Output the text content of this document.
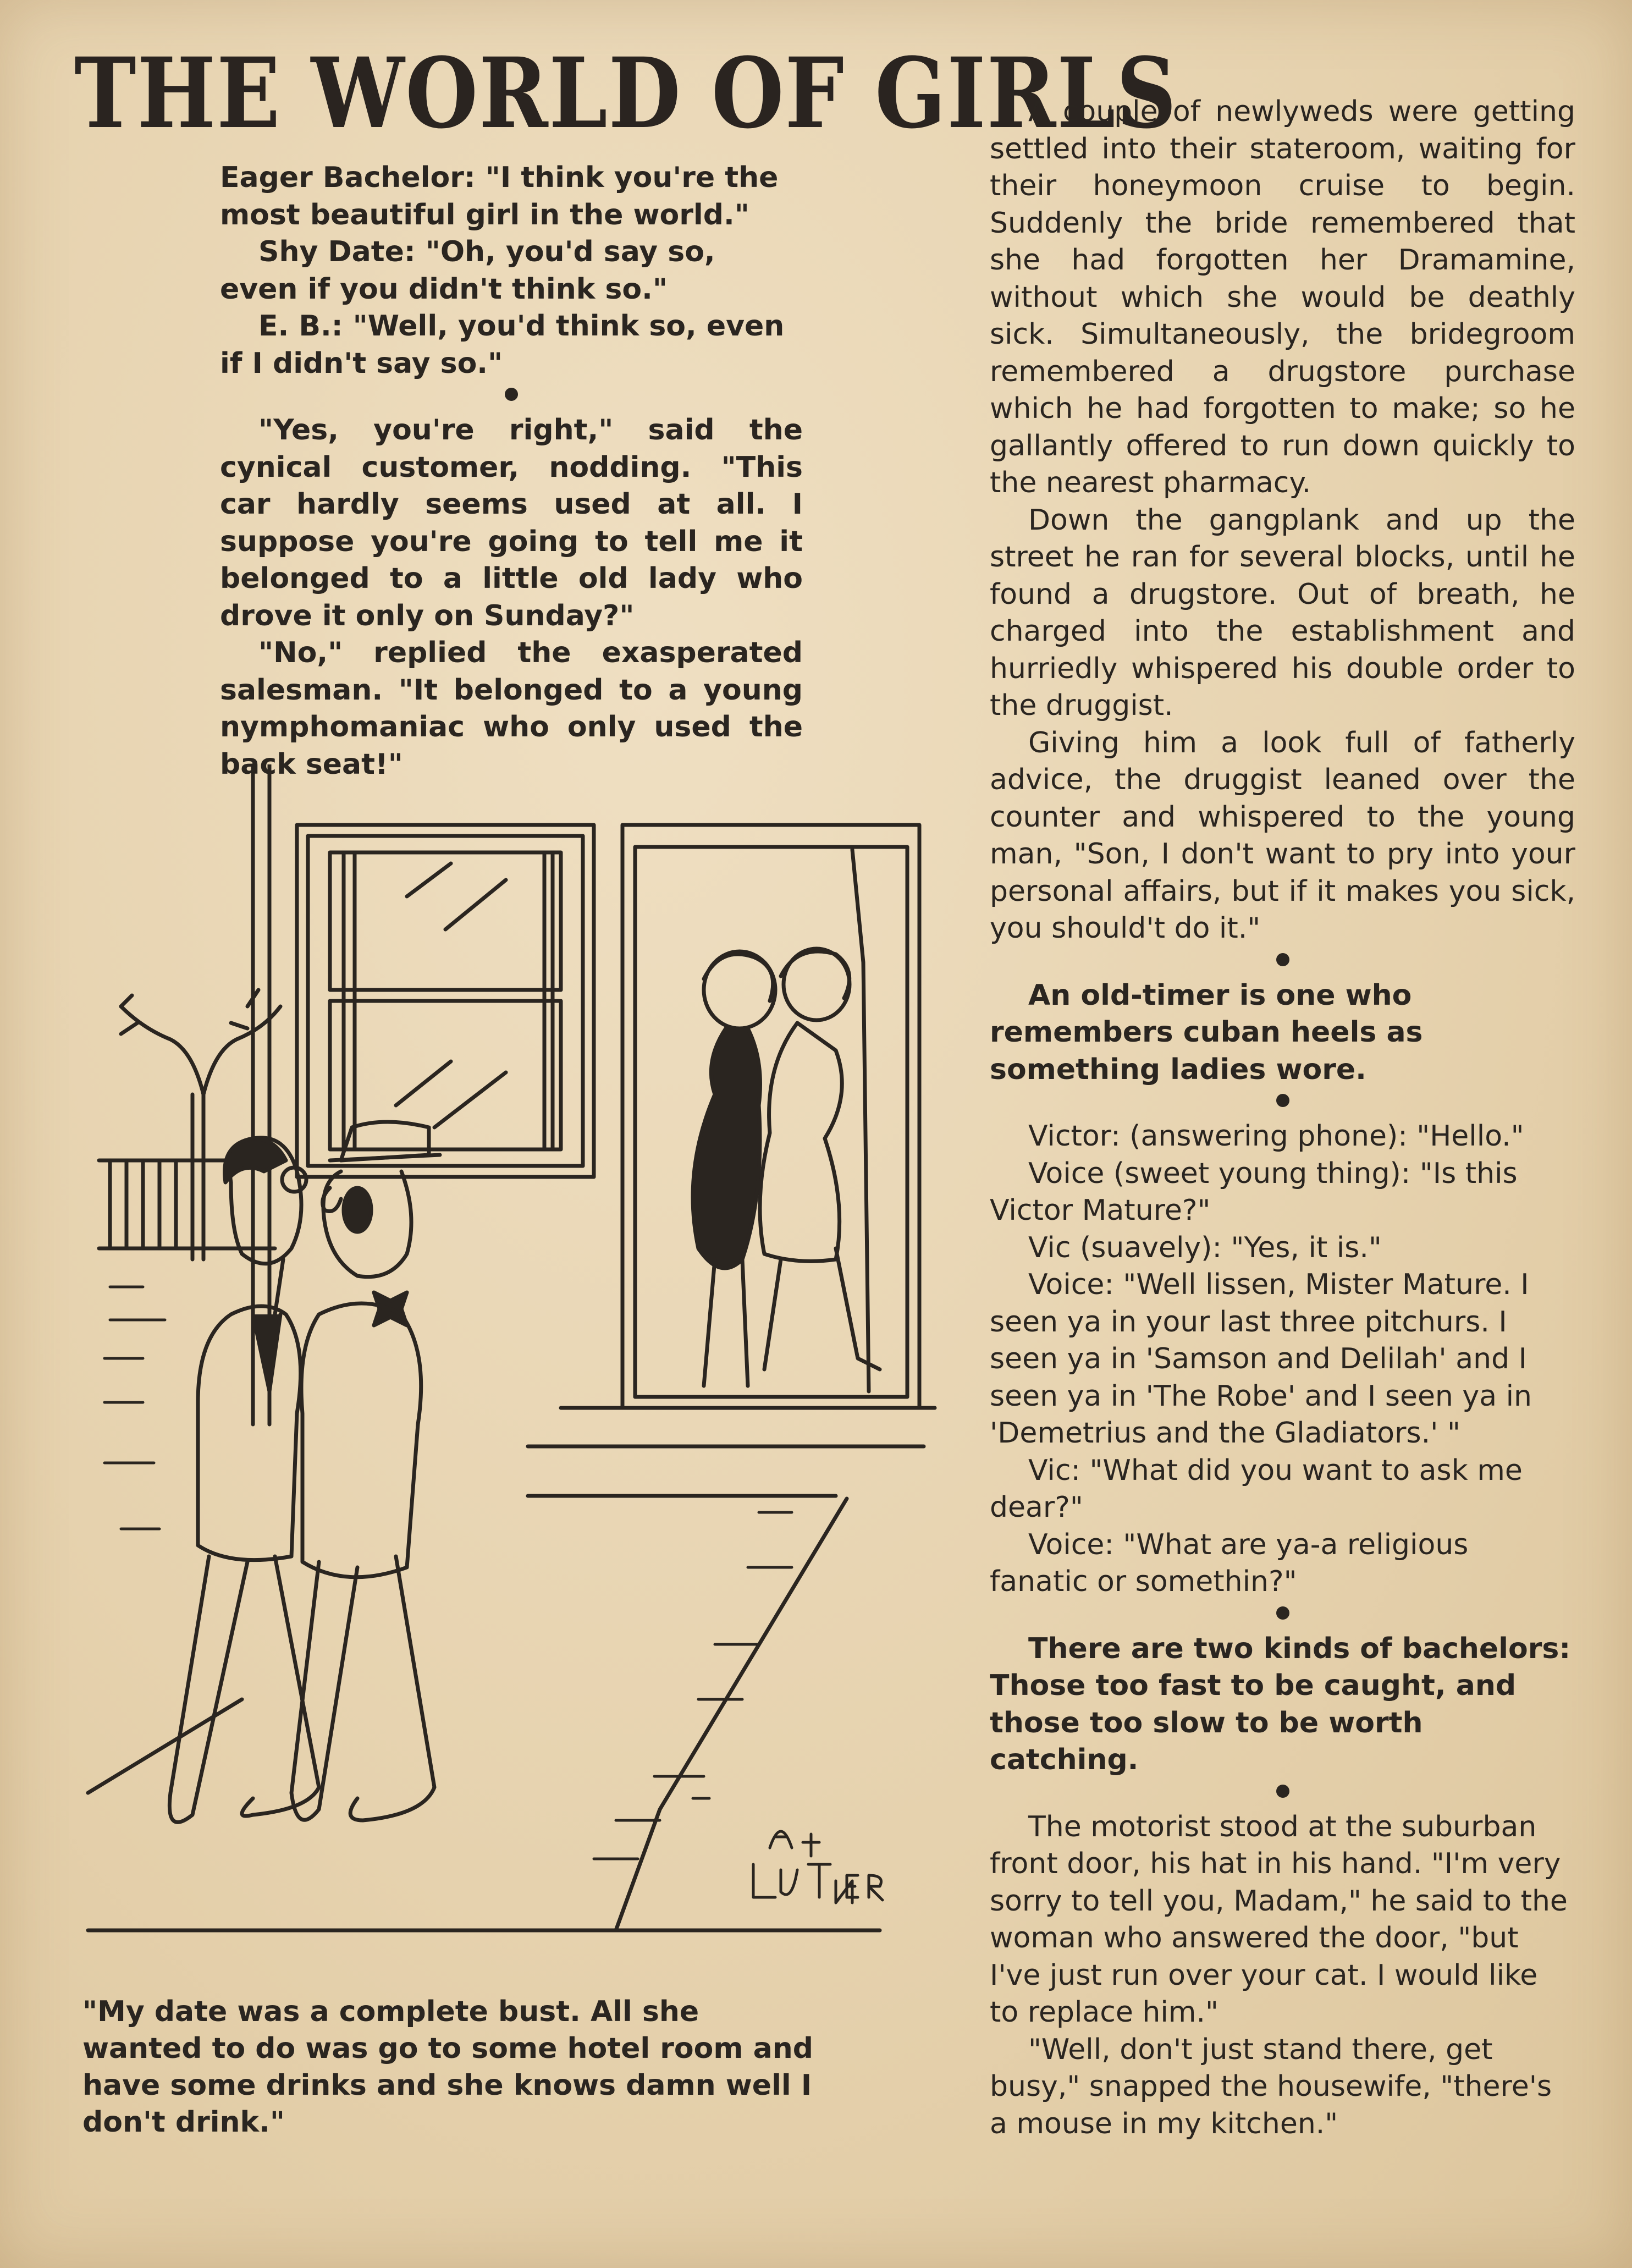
THE WORLD OF GIRLS

Eager Bachelor: "I think you're the most beautiful girl in the world."

Shy Date: "Oh, you'd say so, even if you didn't think so."

E. B.: "Well, you'd think so, even if I didn't say so."

"Yes, you're right," said the cynical customer, nodding. "This car hardly seems used at all. I suppose you're going to tell me it belonged to a little old lady who drove it only on Sunday?"

"No," replied the exasperated salesman. "It belonged to a young nymphomaniac who only used the back seat!"

"My date was a complete bust. All she wanted to do was go to some hotel room and have some drinks and she knows damn well I don't drink."

A couple of newlyweds were getting settled into their stateroom, waiting for their honeymoon cruise to begin. Suddenly the bride remembered that she had forgotten her Dramamine, without which she would be deathly sick. Simultaneously, the bridegroom remembered a drugstore purchase which he had forgotten to make; so he gallantly offered to run down quickly to the nearest pharmacy.

Down the gangplank and up the street he ran for several blocks, until he found a drugstore. Out of breath, he charged into the establishment and hurriedly whispered his double order to the druggist.

Giving him a look full of fatherly advice, the druggist leaned over the counter and whispered to the young man, "Son, I don't want to pry into your personal affairs, but if it makes you sick, you should't do it."

An old-timer is one who remembers cuban heels as something ladies wore.

Victor: (answering phone): "Hello."

Voice (sweet young thing): "Is this Victor Mature?"

Vic (suavely): "Yes, it is."

Voice: "Well lissen, Mister Mature. I seen ya in your last three pitchurs. I seen ya in 'Samson and Delilah' and I seen ya in 'The Robe' and I seen ya in 'Demetrius and the Gladiators.' "

Vic: "What did you want to ask me dear?"

Voice: "What are ya-a religious fanatic or somethin?"

There are two kinds of bachelors: Those too fast to be caught, and those too slow to be worth catching.

The motorist stood at the suburban front door, his hat in his hand. "I'm very sorry to tell you, Madam," he said to the woman who answered the door, "but I've just run over your cat. I would like to replace him."

"Well, don't just stand there, get busy," snapped the housewife, "there's a mouse in my kitchen."
